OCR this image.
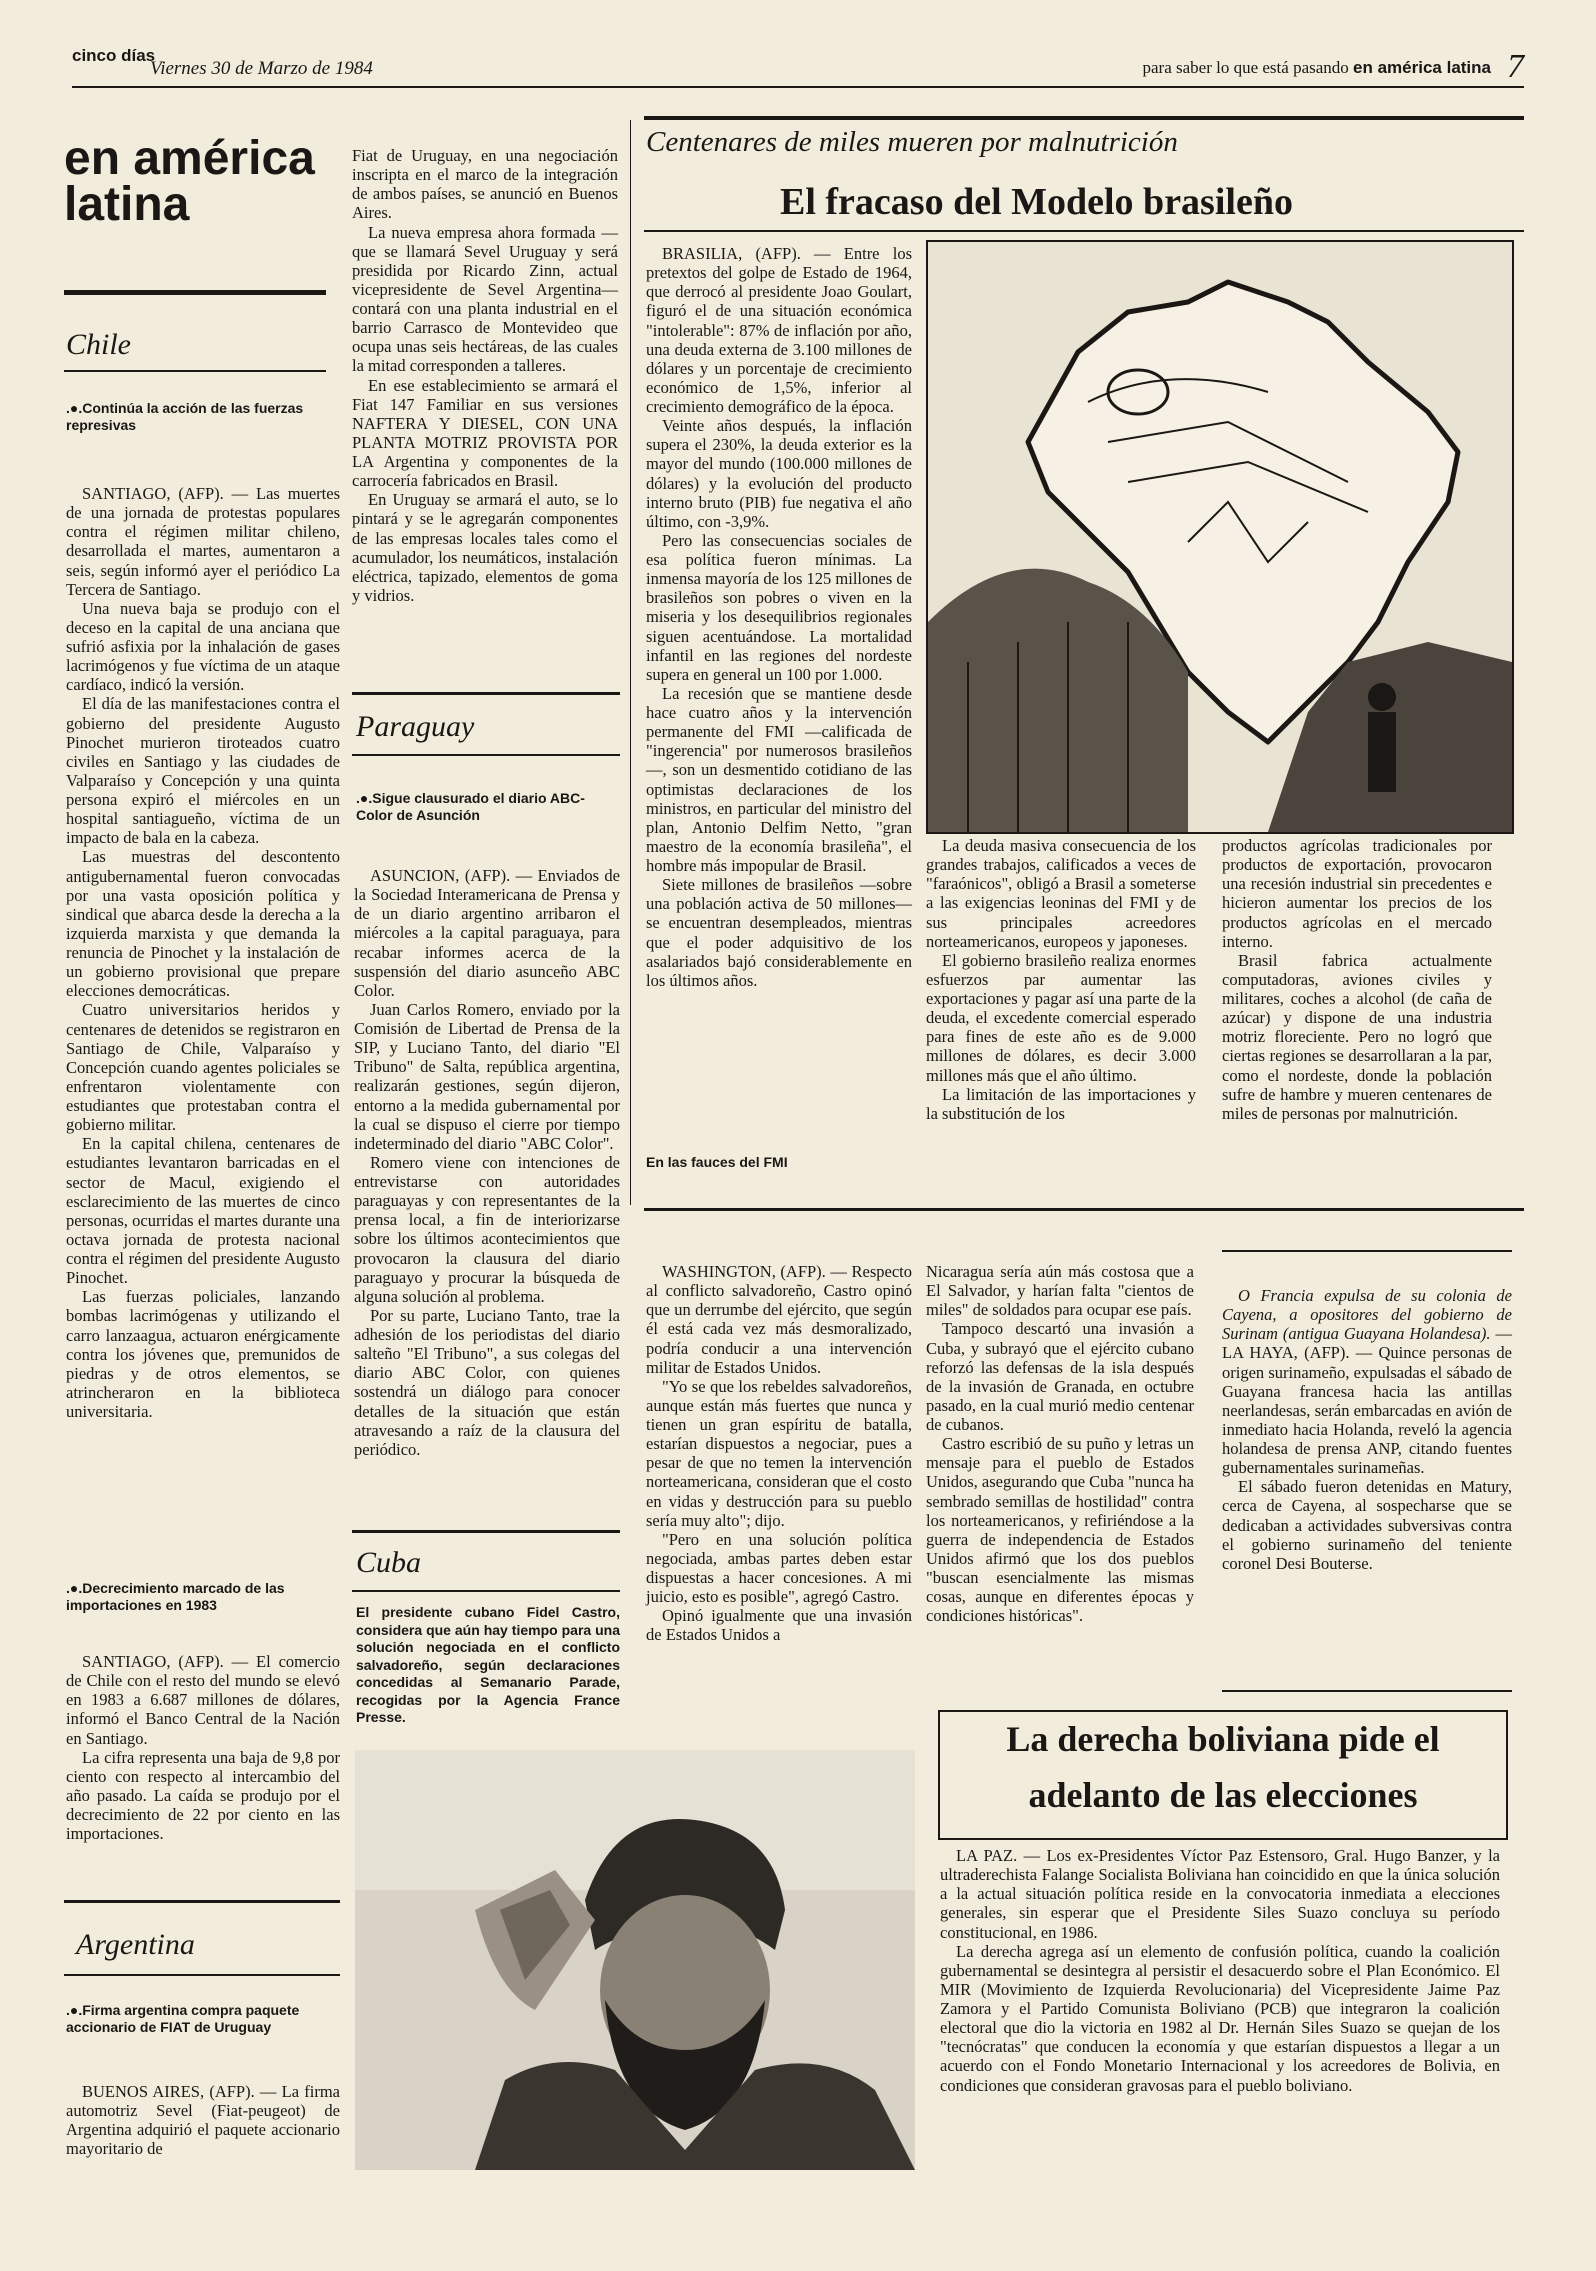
cinco días
Viernes 30 de Marzo de 1984	para saber lo que está pasando en américa latina 7
en américa latina
Chile
.●.Continúa la acción de las fuerzas represivas

SANTIAGO, (AFP). — Las muertes de una jornada de protestas populares contra el régimen militar chileno, desarrollada el martes, aumentaron a seis, según informó ayer el periódico La Tercera de Santiago.

Una nueva baja se produjo con el deceso en la capital de una anciana que sufrió asfixia por la inhalación de gases lacrimógenos y fue víctima de un ataque cardíaco, indicó la versión.

El día de las manifestaciones contra el gobierno del presidente Augusto Pinochet murieron tiroteados cuatro civiles en Santiago y las ciudades de Valparaíso y Concepción y una quinta persona expiró el miércoles en un hospital santiagueño, víctima de un impacto de bala en la cabeza.

Las muestras del descontento antigubernamental fueron convocadas por una vasta oposición política y sindical que abarca desde la derecha a la izquierda marxista y que demanda la renuncia de Pinochet y la instalación de un gobierno provisional que prepare elecciones democráticas.

Cuatro universitarios heridos y centenares de detenidos se registraron en Santiago de Chile, Valparaíso y Concepción cuando agentes policiales se enfrentaron violentamente con estudiantes que protestaban contra el gobierno militar.

En la capital chilena, centenares de estudiantes levantaron barricadas en el sector de Macul, exigiendo el esclarecimiento de las muertes de cinco personas, ocurridas el martes durante una octava jornada de protesta nacional contra el régimen del presidente Augusto Pinochet.

Las fuerzas policiales, lanzando bombas lacrimógenas y utilizando el carro lanzaagua, actuaron enérgicamente contra los jóvenes que, premunidos de piedras y de otros elementos, se atrincheraron en la biblioteca universitaria.

.●.Decrecimiento marcado de las importaciones en 1983

SANTIAGO, (AFP). — El comercio de Chile con el resto del mundo se elevó en 1983 a 6.687 millones de dólares, informó el Banco Central de la Nación en Santiago.

La cifra representa una baja de 9,8 por ciento con respecto al intercambio del año pasado. La caída se produjo por el decrecimiento de 22 por ciento en las importaciones.

Argentina
.●.Firma argentina compra paquete accionario de FIAT de Uruguay

BUENOS AIRES, (AFP). — La firma automotriz Sevel (Fiat-peugeot) de Argentina adquirió el paquete accionario mayoritario de

Fiat de Uruguay, en una negociación inscripta en el marco de la integración de ambos países, se anunció en Buenos Aires.

La nueva empresa ahora formada —que se llamará Sevel Uruguay y será presidida por Ricardo Zinn, actual vicepresidente de Sevel Argentina— contará con una planta industrial en el barrio Carrasco de Montevideo que ocupa unas seis hectáreas, de las cuales la mitad corresponden a talleres.

En ese establecimiento se armará el Fiat 147 Familiar en sus versiones NAFTERA Y DIESEL, CON UNA PLANTA MOTRIZ PROVISTA POR LA Argentina y componentes de la carrocería fabricados en Brasil.

En Uruguay se armará el auto, se lo pintará y se le agregarán componentes de las empresas locales tales como el acumulador, los neumáticos, instalación eléctrica, tapizado, elementos de goma y vidrios.

Paraguay
.●.Sigue clausurado el diario ABC-Color de Asunción

ASUNCION, (AFP). — Enviados de la Sociedad Interamericana de Prensa y de un diario argentino arribaron el miércoles a la capital paraguaya, para recabar informes acerca de la suspensión del diario asunceño ABC Color.

Juan Carlos Romero, enviado por la Comisión de Libertad de Prensa de la SIP, y Luciano Tanto, del diario "El Tribuno" de Salta, república argentina, realizarán gestiones, según dijeron, entorno a la medida gubernamental por la cual se dispuso el cierre por tiempo indeterminado del diario "ABC Color".

Romero viene con intenciones de entrevistarse con autoridades paraguayas y con representantes de la prensa local, a fin de interiorizarse sobre los últimos acontecimientos que provocaron la clausura del diario paraguayo y procurar la búsqueda de alguna solución al problema.

Por su parte, Luciano Tanto, trae la adhesión de los periodistas del diario salteño "El Tribuno", a sus colegas del diario ABC Color, con quienes sostendrá un diálogo para conocer detalles de la situación que están atravesando a raíz de la clausura del periódico.

Cuba
El presidente cubano Fidel Castro, considera que aún hay tiempo para una solución negociada en el conflicto salvadoreño, según declaraciones concedidas al Semanario Parade, recogidas por la Agencia France Presse.
Centenares de miles mueren por malnutrición
El fracaso del Modelo brasileño

BRASILIA, (AFP). — Entre los pretextos del golpe de Estado de 1964, que derrocó al presidente Joao Goulart, figuró el de una situación económica "intolerable": 87% de inflación por año, una deuda externa de 3.100 millones de dólares y un porcentaje de crecimiento económico de 1,5%, inferior al crecimiento demográfico de la época.

Veinte años después, la inflación supera el 230%, la deuda exterior es la mayor del mundo (100.000 millones de dólares) y la evolución del producto interno bruto (PIB) fue negativa el año último, con -3,9%.

Pero las consecuencias sociales de esa política fueron mínimas. La inmensa mayoría de los 125 millones de brasileños son pobres o viven en la miseria y los desequilibrios regionales siguen acentuándose. La mortalidad infantil en las regiones del nordeste supera en general un 100 por 1.000.

La recesión que se mantiene desde hace cuatro años y la intervención permanente del FMI —calificada de "ingerencia" por numerosos brasileños—, son un desmentido cotidiano de las optimistas declaraciones de los ministros, en particular del ministro del plan, Antonio Delfim Netto, "gran maestro de la economía brasileña", el hombre más impopular de Brasil.

Siete millones de brasileños —sobre una población activa de 50 millones— se encuentran desempleados, mientras que el poder adquisitivo de los asalariados bajó considerablemente en los últimos años.

En las fauces del FMI

La deuda masiva consecuencia de los grandes trabajos, calificados a veces de "faraónicos", obligó a Brasil a someterse a las exigencias leoninas del FMI y de sus principales acreedores norteamericanos, europeos y japoneses.

El gobierno brasileño realiza enormes esfuerzos par aumentar las exportaciones y pagar así una parte de la deuda, el excedente comercial esperado para fines de este año es de 9.000 millones de dólares, es decir 3.000 millones más que el año último.

La limitación de las importaciones y la substitución de los

productos agrícolas tradicionales por productos de exportación, provocaron una recesión industrial sin precedentes e hicieron aumentar los precios de los productos agrícolas en el mercado interno.

Brasil fabrica actualmente computadoras, aviones civiles y militares, coches a alcohol (de caña de azúcar) y dispone de una industria motriz floreciente. Pero no logró que ciertas regiones se desarrollaran a la par, como el nordeste, donde la población sufre de hambre y mueren centenares de miles de personas por malnutrición.

WASHINGTON, (AFP). — Respecto al conflicto salvadoreño, Castro opinó que un derrumbe del ejército, que según él está cada vez más desmoralizado, podría conducir a una intervención militar de Estados Unidos.

"Yo se que los rebeldes salvadoreños, aunque están más fuertes que nunca y tienen un gran espíritu de batalla, estarían dispuestos a negociar, pues a pesar de que no temen la intervención norteamericana, consideran que el costo en vidas y destrucción para su pueblo sería muy alto"; dijo.

"Pero en una solución política negociada, ambas partes deben estar dispuestas a hacer concesiones. A mi juicio, esto es posible", agregó Castro.

Opinó igualmente que una invasión de Estados Unidos a

Nicaragua sería aún más costosa que a El Salvador, y harían falta "cientos de miles" de soldados para ocupar ese país.

Tampoco descartó una invasión a Cuba, y subrayó que el ejército cubano reforzó las defensas de la isla después de la invasión de Granada, en octubre pasado, en la cual murió medio centenar de cubanos.

Castro escribió de su puño y letras un mensaje para el pueblo de Estados Unidos, asegurando que Cuba "nunca ha sembrado semillas de hostilidad" contra los norteamericanos, y refiriéndose a la guerra de independencia de Estados Unidos afirmó que los dos pueblos "buscan esencialmente las mismas cosas, aunque en diferentes épocas y condiciones históricas".

O Francia expulsa de su colonia de Cayena, a opositores del gobierno de Surinam (antigua Guayana Holandesa). — LA HAYA, (AFP). — Quince personas de origen surinameño, expulsadas el sábado de Guayana francesa hacia las antillas neerlandesas, serán embarcadas en avión de inmediato hacia Holanda, reveló la agencia holandesa de prensa ANP, citando fuentes gubernamentales surinameñas.

El sábado fueron detenidas en Matury, cerca de Cayena, al sospecharse que se dedicaban a actividades subversivas contra el gobierno surinameño del teniente coronel Desi Bouterse.

La derecha boliviana pide el
adelanto de las elecciones

LA PAZ. — Los ex-Presidentes Víctor Paz Estensoro, Gral. Hugo Banzer, y la ultraderechista Falange Socialista Boliviana han coincidido en que la única solución a la actual situación política reside en la convocatoria inmediata a elecciones generales, sin esperar que el Presidente Siles Suazo concluya su período constitucional, en 1986.

La derecha agrega así un elemento de confusión política, cuando la coalición gubernamental se desintegra al persistir el desacuerdo sobre el Plan Económico. El MIR (Movimiento de Izquierda Revolucionaria) del Vicepresidente Jaime Paz Zamora y el Partido Comunista Boliviano (PCB) que integraron la coalición electoral que dio la victoria en 1982 al Dr. Hernán Siles Suazo se quejan de los "tecnócratas" que conducen la economía y que estarían dispuestos a llegar a un acuerdo con el Fondo Monetario Internacional y los acreedores de Bolivia, en condiciones que consideran gravosas para el pueblo boliviano.
